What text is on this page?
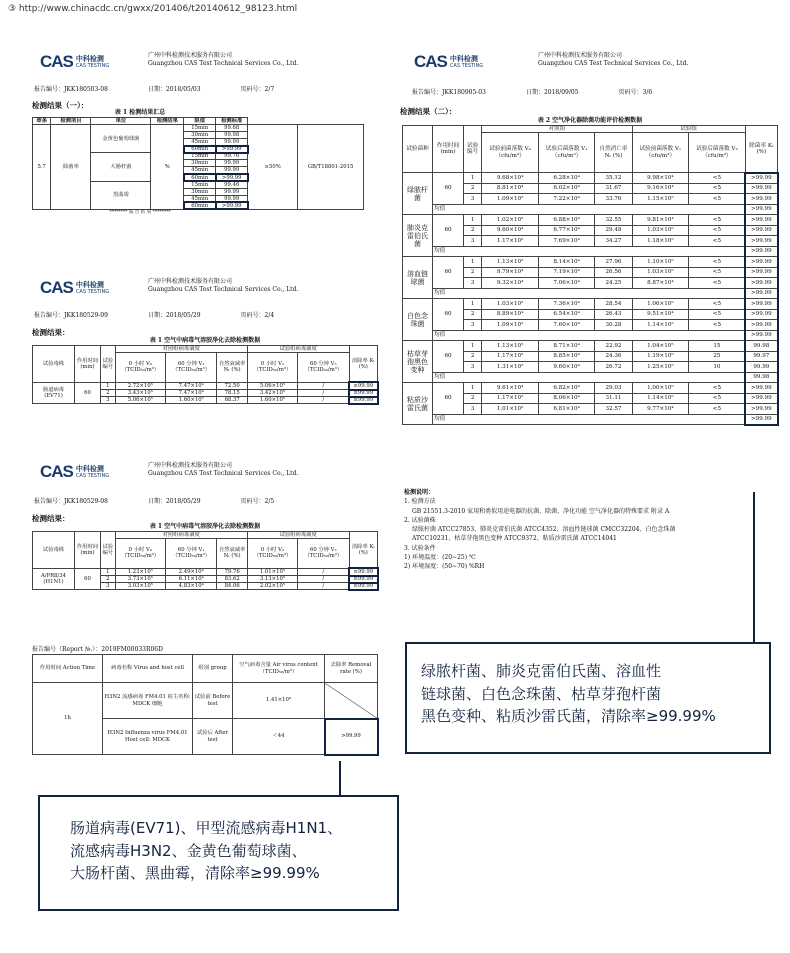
③ http://www.chinacdc.cn/gwxx/201406/t20140612_98123.html
CAS 中科检测
CAS TESTING
广州中科检测技术服务有限公司
Guangzhou CAS Test Technical Services Co., Ltd.
报告编号：JKK180503-08	日期：2018/05/03	页码号：2/7
检测结果（一）：
表 1 检测结果汇总							
章条	检测项目	单位	检测结果	限值	检测标准		
5.7	除菌率	金黄色葡萄球菌	%	15min	99.68	≥50%	GB/T18801-2015
				30min	99.98		
				45min	99.99		
				60min	>99.99		
		大肠杆菌		15min	99.76		
				30min	99.99		
				45min	99.99		
				60min	>99.99		
		黑曲霉		15min	99.46		
				30min	99.99		
				45min	99.99		
				60min	>99.99		
******** 报 告 结 束 ********							
CAS 中科检测
CAS TESTING
广州中科检测技术服务有限公司
Guangzhou CAS Test Technical Services Co., Ltd.
报告编号：JKK180529-09	日期：2018/05/29	页码号：2/4
检测结果：
表 1 空气中病毒气溶胶净化去除检测数据								
试验毒株	作用时间(min)	试验编号	对照组病毒滴度			试验组病毒滴度		消除率 Kₜ (%)
			0 小时 V₀（TCID₅₀/m³）	60 分钟 V₁（TCID₅₀/m³）	自然衰减率 Nₜ (%)	0 小时 V₂（TCID₅₀/m³）	60 分钟 V₃（TCID₅₀/m³）	
肠道病毒(EV71)	60	1	2.72×10⁵	7.47×10⁴	72.50	5.06×10⁵	/	≥99.99
		2	3.43×10⁵	7.47×10⁴	78.15	3.42×10⁵	/	≥99.99
		3	5.06×10⁵	1.60×10⁵	68.37	1.60×10⁵	/	≥99.99
CAS 中科检测
CAS TESTING
广州中科检测技术服务有限公司
Guangzhou CAS Test Technical Services Co., Ltd.
报告编号：JKK180529-08	日期：2018/05/29	页码号：2/5
检测结果：
表 1 空气中病毒气溶胶净化去除检测数据								
试验毒株	作用时间(min)	试验编号	对照组病毒滴度			试验组病毒滴度		消除率 Kₜ (%)
			0 小时 V₀（TCID₅₀/m³）	60 分钟 V₁（TCID₅₀/m³）	自然衰减率 Nₜ (%)	0 小时 V₂（TCID₅₀/m³）	60 分钟 V₃（TCID₅₀/m³）	
A/PR8/34 (H1N1)	60	1	1.23×10⁵	2.49×10⁴	79.76	1.01×10⁵	/	≥99.99
		2	3.73×10⁵	6.11×10⁴	83.62	3.13×10⁵	/	≥99.99
		3	3.03×10⁵	4.83×10⁴	84.06	2.02×10⁵	/	≥99.99
报告编号（Report №.）：2019FM00033R06D
作用时间 Action Time	病毒名称 Virus and host cell	组别 group	空气病毒含量 Air virus content（TCID₅₀/m³）	去除率 Removal rate (%)
1h	H3N2 流感病毒 FM4.01 宿主名称: MDCK 细胞	试验前 Before test	1.41×10⁶	
	H3N2 Influenza virus FM4.01 Host cell: MDCK	试验后 After test	＜44	>99.99
CAS 中科检测
CAS TESTING
广州中科检测技术服务有限公司
Guangzhou CAS Test Technical Services Co., Ltd.
报告编号：JKK180905-03	日期：2018/09/05	页码号：3/6
检测结果（二）：
表 2 空气净化器除菌功能评价检测数据								
试验菌种	作用时间(min)	试验编号	对照组			试验组		除菌率 Kₜ (%)
			试验前菌落数 V₀（cfu/m³）	试验后菌落数 V₁（cfu/m³）	自然消亡率 Nₜ (%)	试验前菌落数 V₁（cfu/m³）	试验后菌落数 V₂（cfu/m³）	
绿脓杆菌	60	1	9.68×10⁴	6.28×10⁴	35.12	9.98×10⁴	<5	>99.99
		2	8.81×10⁴	6.02×10⁴	31.67	9.16×10⁴	<5	>99.99
		3	1.09×10⁵	7.22×10⁴	33.76	1.15×10⁵	<5	>99.99
	均值							>99.99
肺炎克雷伯氏菌	60	1	1.02×10⁵	6.88×10⁴	32.55	9.81×10⁴	<5	>99.99
		2	9.60×10⁴	6.77×10⁴	29.48	1.03×10⁵	<5	>99.99
		3	1.17×10⁵	7.69×10⁴	34.27	1.18×10⁵	<5	>99.99
	均值							>99.99
溶血链球菌	60	1	1.13×10⁵	8.14×10⁴	27.96	1.10×10⁵	<5	>99.99
		2	9.79×10⁴	7.19×10⁴	26.56	1.03×10⁵	<5	>99.99
		3	9.32×10⁴	7.06×10⁴	24.25	8.87×10⁴	<5	>99.99
	均值							>99.99
白色念珠菌	60	1	1.03×10⁵	7.36×10⁴	28.54	1.06×10⁵	<5	>99.99
		2	8.89×10⁴	6.54×10⁴	26.43	9.51×10⁴	<5	>99.99
		3	1.09×10⁵	7.60×10⁴	30.28	1.14×10⁵	<5	>99.99
	均值							>99.99
枯草芽孢黑色变种	60	1	1.13×10⁵	8.71×10⁴	22.92	1.04×10⁵	15	99.98
		2	1.17×10⁵	8.85×10⁴	24.36	1.19×10⁵	25	99.97
		3	1.31×10⁵	9.60×10⁴	26.72	1.25×10⁵	10	99.99
	均值							99.98
粘质沙雷氏菌	60	1	9.61×10⁴	6.82×10⁴	29.03	1.00×10⁵	<5	>99.99
		2	1.17×10⁵	8.06×10⁴	31.11	1.14×10⁵	<5	>99.99
		3	1.01×10⁵	6.81×10⁴	32.57	9.77×10⁴	<5	>99.99
	均值							>99.99
检测说明：
1. 检测方法
GB 21551.3-2010 家用和类似用途电器的抗菌、除菌、净化功能 空气净化器的特殊要求 附录 A
2. 试验菌株
绿脓杆菌 ATCC27853、肺炎克雷伯氏菌 ATCC4352、溶血性链球菌 CMCC32204、白色念珠菌
ATCC10231、枯草芽孢黑色变种 ATCC9372、粘质沙雷氏菌 ATCC14041
3. 试验条件
1) 环境温度：(20~25) ℃
2) 环境湿度：(50~70) %RH

绿脓杆菌、肺炎克雷伯氏菌、溶血性

链球菌、白色念珠菌、枯草芽孢杆菌

黑色变种、粘质沙雷氏菌，清除率≥99.99%

肠道病毒(EV71)、甲型流感病毒H1N1、

流感病毒H3N2、金黄色葡萄球菌、

大肠杆菌、黑曲霉，清除率≥99.99%
